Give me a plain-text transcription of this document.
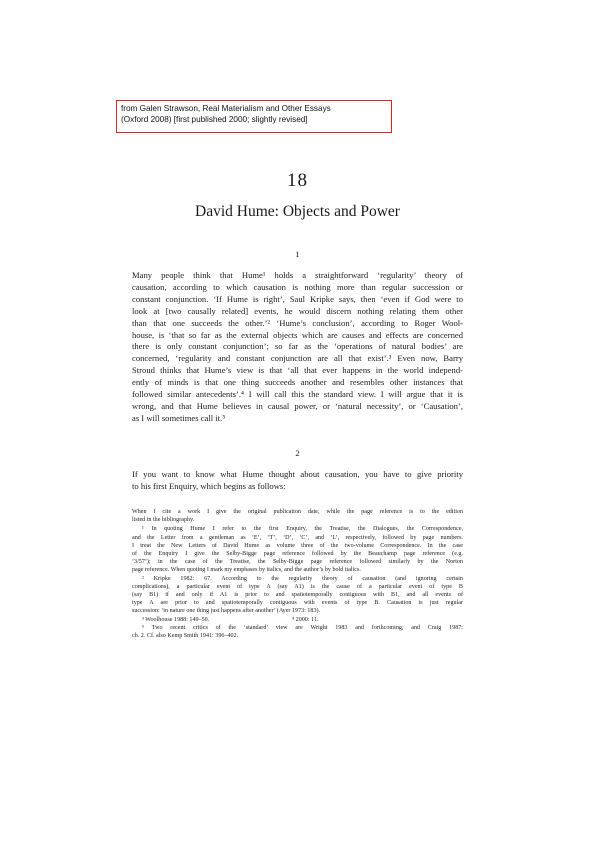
from Galen Strawson, Real Materialism and Other Essays
(Oxford 2008) [first published 2000; slightly revised]
18
David Hume: Objects and Power
1
Many people think that Hume¹ holds a straightforward ‘regularity’ theory of
causation, according to which causation is nothing more than regular succession or
constant conjunction. ‘If Hume is right’, Saul Kripke says, then ‘even if God were to
look at [two causally related] events, he would discern nothing relating them other
than that one succeeds the other.’² ‘Hume’s conclusion’, according to Roger Wool-
house, is ‘that so far as the external objects which are causes and effects are concerned
there is only constant conjunction’; so far as the ‘operations of natural bodies’ are
concerned, ‘regularity and constant conjunction are all that exist’.³ Even now, Barry
Stroud thinks that Hume’s view is that ‘all that ever happens in the world independ-
ently of minds is that one thing succeeds another and resembles other instances that
followed similar antecedents’.⁴ I will call this the standard view. I will argue that it is
wrong, and that Hume believes in causal power, or ‘natural necessity’, or ‘Causation’,
as I will sometimes call it.⁵
2
If you want to know what Hume thought about causation, you have to give priority
to his first Enquiry, which begins as follows:
When I cite a work I give the original publication date, while the page reference is to the edition
listed in the bibliography.
¹ In quoting Hume I refer to the first Enquiry, the Treatise, the Dialogues, the Correspondence,
and the Letter from a gentleman as ‘E’, ‘T’, ‘D’, ‘C’, and ‘L’, respectively, followed by page numbers.
I treat the New Letters of David Hume as volume three of the two-volume Correspondence. In the case
of the Enquiry I give the Selby-Bigge page reference followed by the Beauchamp page reference (e.g.
‘3/57’); in the case of the Treatise, the Selby-Bigge page reference followed similarly by the Norton
page reference. When quoting I mark my emphases by italics, and the author’s by bold italics.
² Kripke 1982: 67. According to the regularity theory of causation (and ignoring certain
complications), a particular event of type A (say A1) is the cause of a particular event of type B
(say B1) if and only if A1 is prior to and spatiotemporally contiguous with B1, and all events of
type A are prior to and spatiotemporally contiguous with events of type B. Causation is just regular
succession: ‘in nature one thing just happens after another’ (Ayer 1973: 183).
³ Woolhouse 1988: 149–50.	⁴ 2000: 11.
⁵ Two recent critics of the ‘standard’ view are Wright 1983 and forthcoming, and Craig 1987:
ch. 2. Cf. also Kemp Smith 1941: 396–402.
